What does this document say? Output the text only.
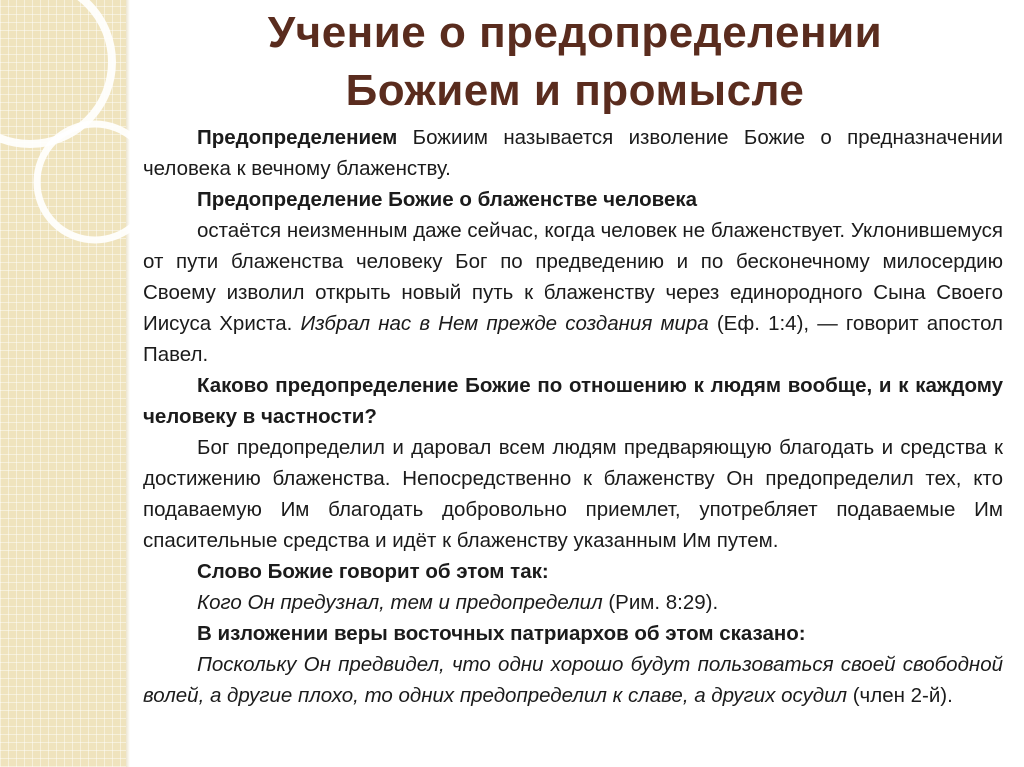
Учение о предопределении
Божием и промысле

Предопределением Божиим называется изволение Божие о предназначении человека к вечному блаженству.

Предопределение Божие о блаженстве человека

остаётся неизменным даже сейчас, когда человек не блаженствует. Уклонившемуся от пути блаженства человеку Бог по предведению и по бесконечному милосердию Своему изволил открыть новый путь к блаженству через единородного Сына Своего Иисуса Христа. Избрал нас в Нем прежде создания мира (Еф. 1:4), — говорит апостол Павел.

Каково предопределение Божие по отношению к людям вообще, и к каждому человеку в частности?

Бог предопределил и даровал всем людям предваряющую благодать и средства к достижению блаженства. Непосредственно к блаженству Он предопределил тех, кто подаваемую Им благодать добровольно приемлет, употребляет подаваемые Им спасительные средства и идёт к блаженству указанным Им путем.

Слово Божие говорит об этом так:

Кого Он предузнал, тем и предопределил (Рим. 8:29).

В изложении веры восточных патриархов об этом сказано:

Поскольку Он предвидел, что одни хорошо будут пользоваться своей свободной волей, а другие плохо, то одних предопределил к славе, а других осудил (член 2-й).
